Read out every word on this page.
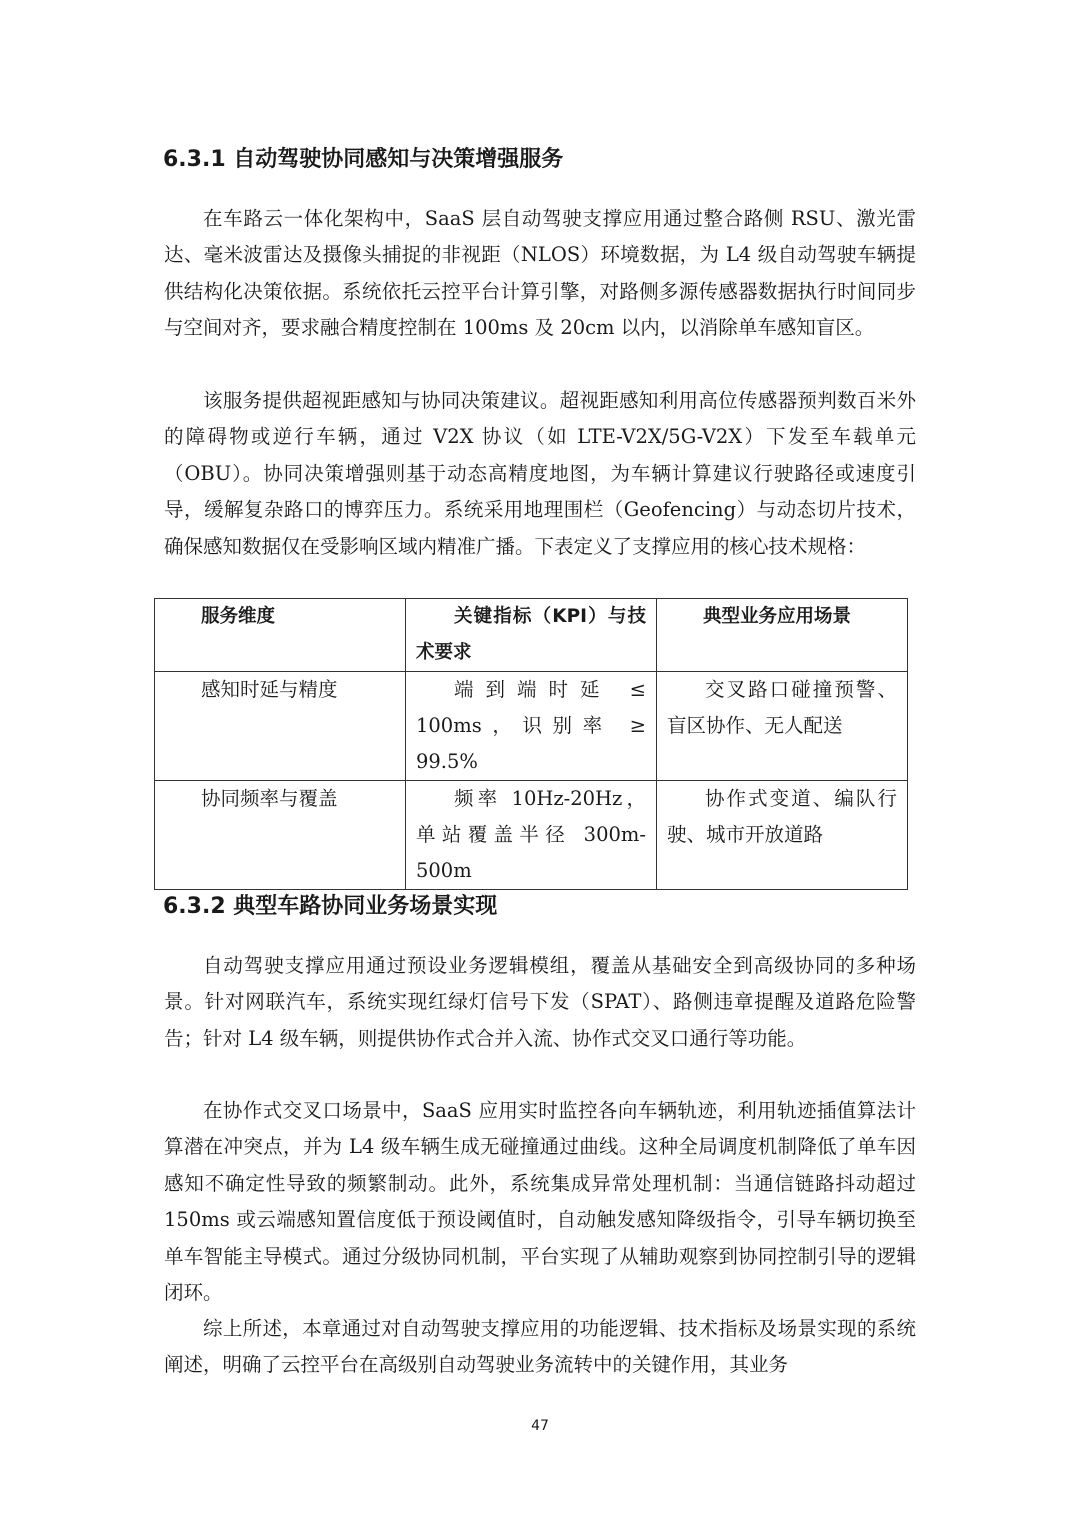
6.3.1 自动驾驶协同感知与决策增强服务

在车路云一体化架构中，SaaS 层自动驾驶支撑应用通过整合路侧 RSU、激光雷达、毫米波雷达及摄像头捕捉的非视距（NLOS）环境数据，为 L4 级自动驾驶车辆提供结构化决策依据。系统依托云控平台计算引擎，对路侧多源传感器数据执行时间同步与空间对齐，要求融合精度控制在 100ms 及 20cm 以内，以消除单车感知盲区。

该服务提供超视距感知与协同决策建议。超视距感知利用高位传感器预判数百米外的障碍物或逆行车辆，通过 V2X 协议（如 LTE-V2X/5G-V2X）下发至车载单元（OBU）。协同决策增强则基于动态高精度地图，为车辆计算建议行驶路径或速度引导，缓解复杂路口的博弈压力。系统采用地理围栏（Geofencing）与动态切片技术，确保感知数据仅在受影响区域内精准广播。下表定义了支撑应用的核心技术规格：

服务维度	关键指标（KPI）与技术要求	典型业务应用场景
感知时延与精度	端到端时延 ≤ 100ms，识别率 ≥ 99.5%	交叉路口碰撞预警、盲区协作、无人配送
协同频率与覆盖	频率 10Hz-20Hz，单站覆盖半径 300m-500m	协作式变道、编队行驶、城市开放道路
6.3.2 典型车路协同业务场景实现

自动驾驶支撑应用通过预设业务逻辑模组，覆盖从基础安全到高级协同的多种场景。针对网联汽车，系统实现红绿灯信号下发（SPAT）、路侧违章提醒及道路危险警告；针对 L4 级车辆，则提供协作式合并入流、协作式交叉口通行等功能。

在协作式交叉口场景中，SaaS 应用实时监控各向车辆轨迹，利用轨迹插值算法计算潜在冲突点，并为 L4 级车辆生成无碰撞通过曲线。这种全局调度机制降低了单车因感知不确定性导致的频繁制动。此外，系统集成异常处理机制：当通信链路抖动超过 150ms 或云端感知置信度低于预设阈值时，自动触发感知降级指令，引导车辆切换至单车智能主导模式。通过分级协同机制，平台实现了从辅助观察到协同控制引导的逻辑闭环。

综上所述，本章通过对自动驾驶支撑应用的功能逻辑、技术指标及场景实现的系统阐述，明确了云控平台在高级别自动驾驶业务流转中的关键作用，其业务

47
